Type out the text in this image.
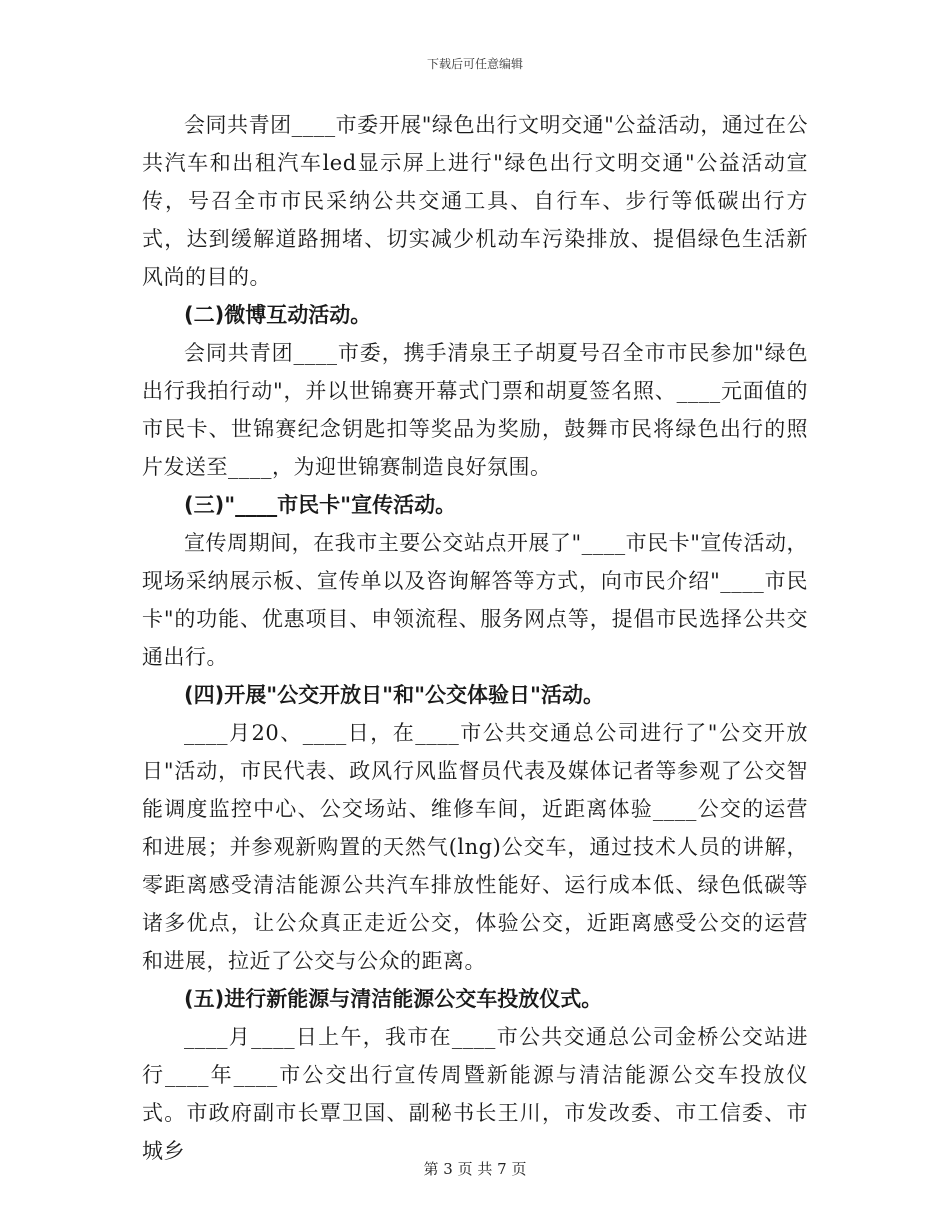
下载后可任意编辑

会同共青团____市委开展"绿色出行文明交通"公益活动，通过在公共汽车和出租汽车led显示屏上进行"绿色出行文明交通"公益活动宣传，号召全市市民采纳公共交通工具、自行车、步行等低碳出行方式，达到缓解道路拥堵、切实减少机动车污染排放、提倡绿色生活新风尚的目的。

(二)微博互动活动。

会同共青团____市委，携手清泉王子胡夏号召全市市民参加"绿色出行我拍行动"，并以世锦赛开幕式门票和胡夏签名照、____元面值的市民卡、世锦赛纪念钥匙扣等奖品为奖励，鼓舞市民将绿色出行的照片发送至____，为迎世锦赛制造良好氛围。

(三)"____市民卡"宣传活动。

宣传周期间，在我市主要公交站点开展了"____市民卡"宣传活动，现场采纳展示板、宣传单以及咨询解答等方式，向市民介绍"____市民卡"的功能、优惠项目、申领流程、服务网点等，提倡市民选择公共交通出行。

(四)开展"公交开放日"和"公交体验日"活动。

____月20、____日，在____市公共交通总公司进行了"公交开放日"活动，市民代表、政风行风监督员代表及媒体记者等参观了公交智能调度监控中心、公交场站、维修车间，近距离体验____公交的运营和进展；并参观新购置的天然气(lng)公交车，通过技术人员的讲解，零距离感受清洁能源公共汽车排放性能好、运行成本低、绿色低碳等诸多优点，让公众真正走近公交，体验公交，近距离感受公交的运营和进展，拉近了公交与公众的距离。

(五)进行新能源与清洁能源公交车投放仪式。

____月____日上午，我市在____市公共交通总公司金桥公交站进行____年____市公交出行宣传周暨新能源与清洁能源公交车投放仪式。市政府副市长覃卫国、副秘书长王川，市发改委、市工信委、市城乡

第 3 页 共 7 页
